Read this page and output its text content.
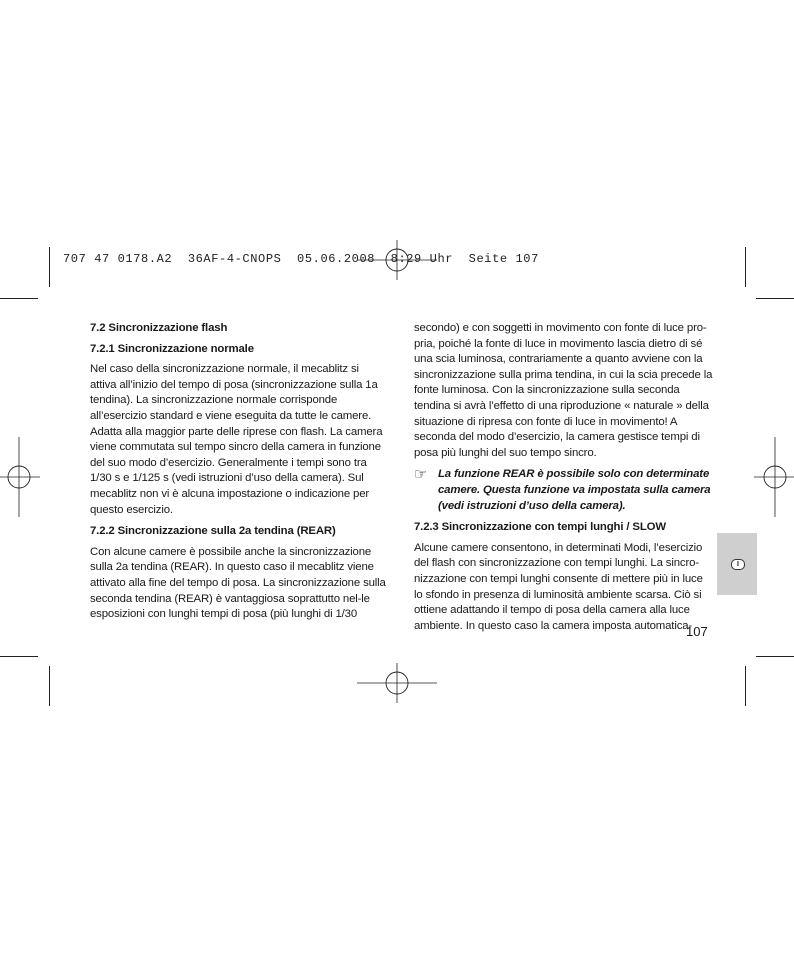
707 47 0178.A2  36AF-4-CNOPS  05.06.2008  8:29 Uhr  Seite 107

7.2 Sincronizzazione flash

7.2.1 Sincronizzazione normale

Nel caso della sincronizzazione normale, il mecablitz si attiva all’inizio del tempo di posa (sincronizzazione sulla 1a tendina). La sincronizzazione normale corrisponde all’esercizio standard e viene eseguita da tutte le camere. Adatta alla maggior parte delle riprese con flash. La camera viene commutata sul tempo sincro della camera in funzione del suo modo d’esercizio. Generalmente i tempi sono tra 1/30 s e 1/125 s (vedi istruzioni d’uso della camera). Sul mecablitz non vi è alcuna impostazione o indicazione per questo esercizio.

7.2.2 Sincronizzazione sulla 2a tendina (REAR)

Con alcune camere è possibile anche la sincronizzazione sulla 2a tendina (REAR). In questo caso il mecablitz viene attivato alla fine del tempo di posa. La sincronizzazione sulla seconda tendina (REAR) è vantaggiosa soprattutto nel-le esposizioni con lunghi tempi di posa (più lunghi di 1/30

secondo) e con soggetti in movimento con fonte di luce pro-pria, poiché la fonte di luce in movimento lascia dietro di sé una scia luminosa, contrariamente a quanto avviene con la sincronizzazione sulla prima tendina, in cui la scia precede la fonte luminosa. Con la sincronizzazione sulla seconda tendina si avrà l’effetto di una riproduzione « naturale » della situazione di ripresa con fonte di luce in movimento! A seconda del modo d’esercizio, la camera gestisce tempi di posa più lunghi del suo tempo sincro.

☞ La funzione REAR è possibile solo con determinate camere. Questa funzione va impostata sulla camera (vedi istruzioni d’uso della camera).

7.2.3 Sincronizzazione con tempi lunghi / SLOW

Alcune camere consentono, in determinati Modi, l’esercizio del flash con sincronizzazione con tempi lunghi. La sincro-nizzazione con tempi lunghi consente di mettere più in luce lo sfondo in presenza di luminosità ambiente scarsa. Ciò si ottiene adattando il tempo di posa della camera alla luce ambiente. In questo caso la camera imposta automatica-

I
107
